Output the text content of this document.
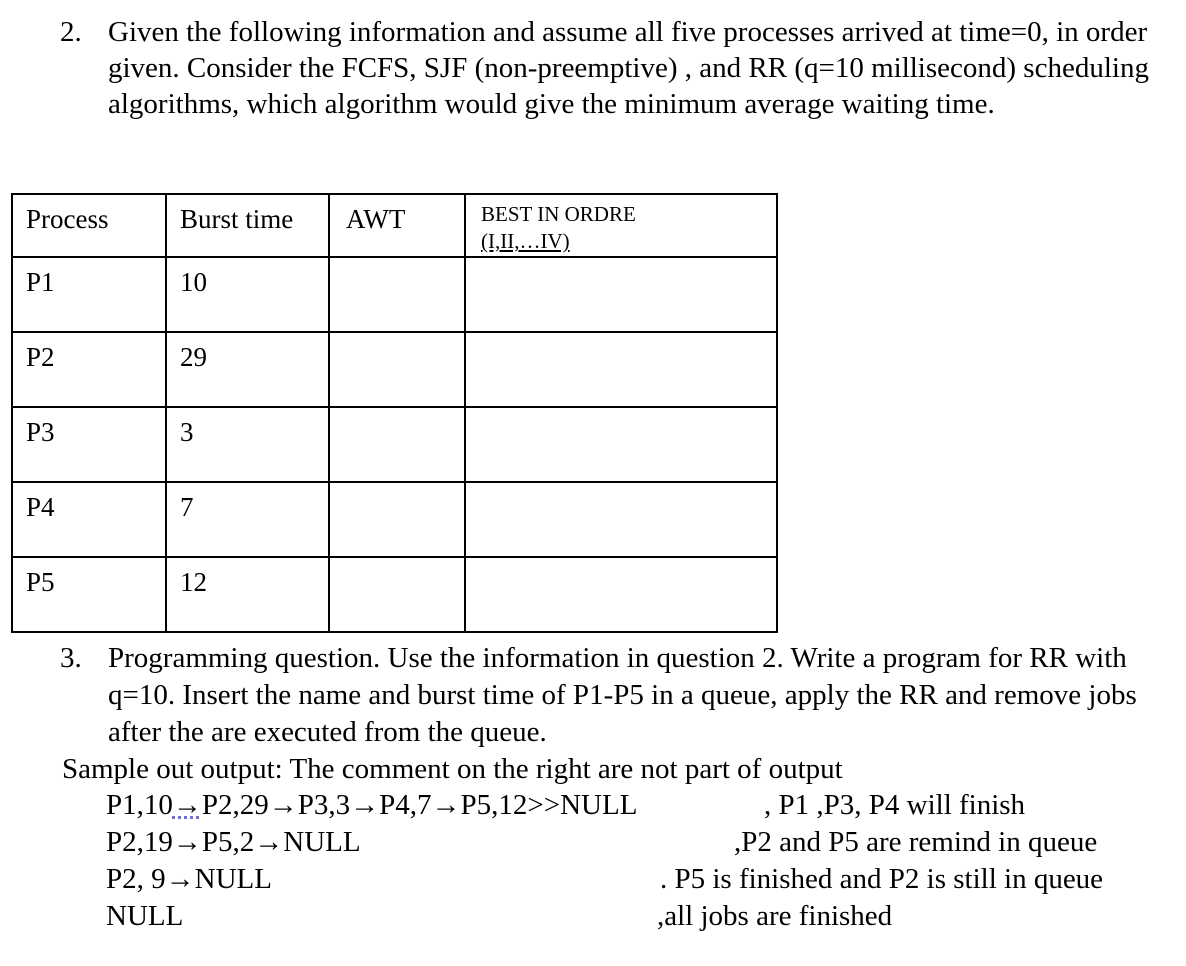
2. Given the following information and assume all five processes arrived at time=0, in order given. Consider the FCFS, SJF (non-preemptive) , and RR (q=10 millisecond) scheduling algorithms, which algorithm would give the minimum average waiting time.
Process	Burst time	AWT	BEST IN ORDRE
(I,II,…IV)

P1	10		

P2	29		

P3	3		

P4	7		

P5	12		

3. Programming question. Use the information in question 2. Write a program for RR with q=10. Insert the name and burst time of P1-P5 in a queue, apply the RR and remove jobs after the are executed from the queue.
Sample out output: The comment on the right are not part of output
P1,10→P2,29→P3,3→P4,7→P5,12>>NULL	, P1 ,P3, P4 will finish
P2,19→P5,2→NULL	,P2 and P5 are remind in queue
P2, 9→NULL	. P5 is finished and P2 is still in queue
NULL	,all jobs are finished
